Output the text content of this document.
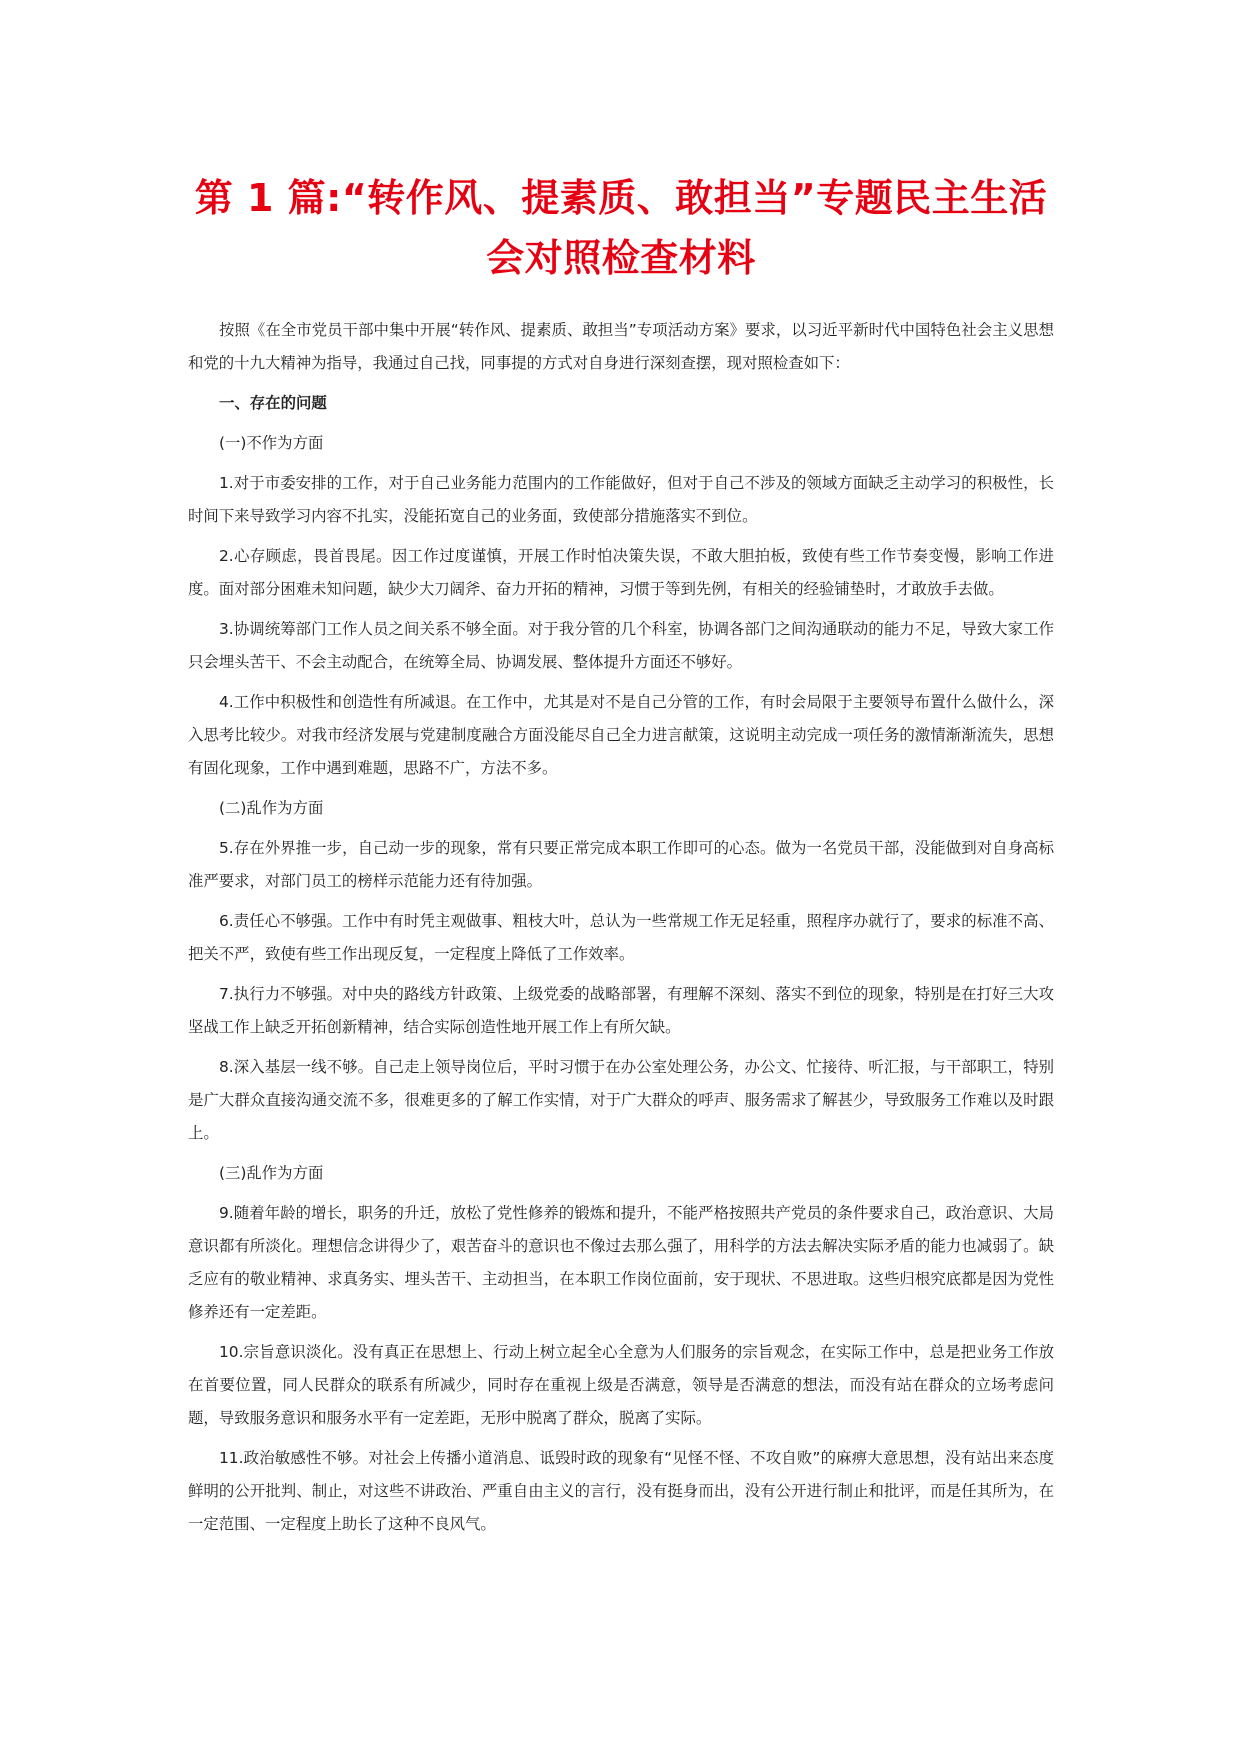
第 1 篇:“转作风、提素质、敢担当”专题民主生活会对照检查材料

按照《在全市党员干部中集中开展“转作风、提素质、敢担当”专项活动方案》要求，以习近平新时代中国特色社会主义思想和党的十九大精神为指导，我通过自己找，同事提的方式对自身进行深刻查摆，现对照检查如下：

一、存在的问题

(一)不作为方面

1.对于市委安排的工作，对于自己业务能力范围内的工作能做好，但对于自己不涉及的领域方面缺乏主动学习的积极性，长时间下来导致学习内容不扎实，没能拓宽自己的业务面，致使部分措施落实不到位。

2.心存顾虑，畏首畏尾。因工作过度谨慎，开展工作时怕决策失误，不敢大胆拍板，致使有些工作节奏变慢，影响工作进度。面对部分困难未知问题，缺少大刀阔斧、奋力开拓的精神，习惯于等到先例，有相关的经验铺垫时，才敢放手去做。

3.协调统筹部门工作人员之间关系不够全面。对于我分管的几个科室，协调各部门之间沟通联动的能力不足，导致大家工作只会埋头苦干、不会主动配合，在统筹全局、协调发展、整体提升方面还不够好。

4.工作中积极性和创造性有所减退。在工作中，尤其是对不是自己分管的工作，有时会局限于主要领导布置什么做什么，深入思考比较少。对我市经济发展与党建制度融合方面没能尽自己全力进言献策，这说明主动完成一项任务的激情渐渐流失，思想有固化现象，工作中遇到难题，思路不广，方法不多。

(二)乱作为方面

5.存在外界推一步，自己动一步的现象，常有只要正常完成本职工作即可的心态。做为一名党员干部，没能做到对自身高标准严要求，对部门员工的榜样示范能力还有待加强。

6.责任心不够强。工作中有时凭主观做事、粗枝大叶，总认为一些常规工作无足轻重，照程序办就行了，要求的标准不高、把关不严，致使有些工作出现反复，一定程度上降低了工作效率。

7.执行力不够强。对中央的路线方针政策、上级党委的战略部署，有理解不深刻、落实不到位的现象，特别是在打好三大攻坚战工作上缺乏开拓创新精神，结合实际创造性地开展工作上有所欠缺。

8.深入基层一线不够。自己走上领导岗位后，平时习惯于在办公室处理公务，办公文、忙接待、听汇报，与干部职工，特别是广大群众直接沟通交流不多，很难更多的了解工作实情，对于广大群众的呼声、服务需求了解甚少，导致服务工作难以及时跟上。

(三)乱作为方面

9.随着年龄的增长，职务的升迁，放松了党性修养的锻炼和提升，不能严格按照共产党员的条件要求自己，政治意识、大局意识都有所淡化。理想信念讲得少了，艰苦奋斗的意识也不像过去那么强了，用科学的方法去解决实际矛盾的能力也减弱了。缺乏应有的敬业精神、求真务实、埋头苦干、主动担当，在本职工作岗位面前，安于现状、不思进取。这些归根究底都是因为党性修养还有一定差距。

10.宗旨意识淡化。没有真正在思想上、行动上树立起全心全意为人们服务的宗旨观念，在实际工作中，总是把业务工作放在首要位置，同人民群众的联系有所减少，同时存在重视上级是否满意，领导是否满意的想法，而没有站在群众的立场考虑问题，导致服务意识和服务水平有一定差距，无形中脱离了群众，脱离了实际。

11.政治敏感性不够。对社会上传播小道消息、诋毁时政的现象有“见怪不怪、不攻自败”的麻痹大意思想，没有站出来态度鲜明的公开批判、制止，对这些不讲政治、严重自由主义的言行，没有挺身而出，没有公开进行制止和批评，而是任其所为，在一定范围、一定程度上助长了这种不良风气。
